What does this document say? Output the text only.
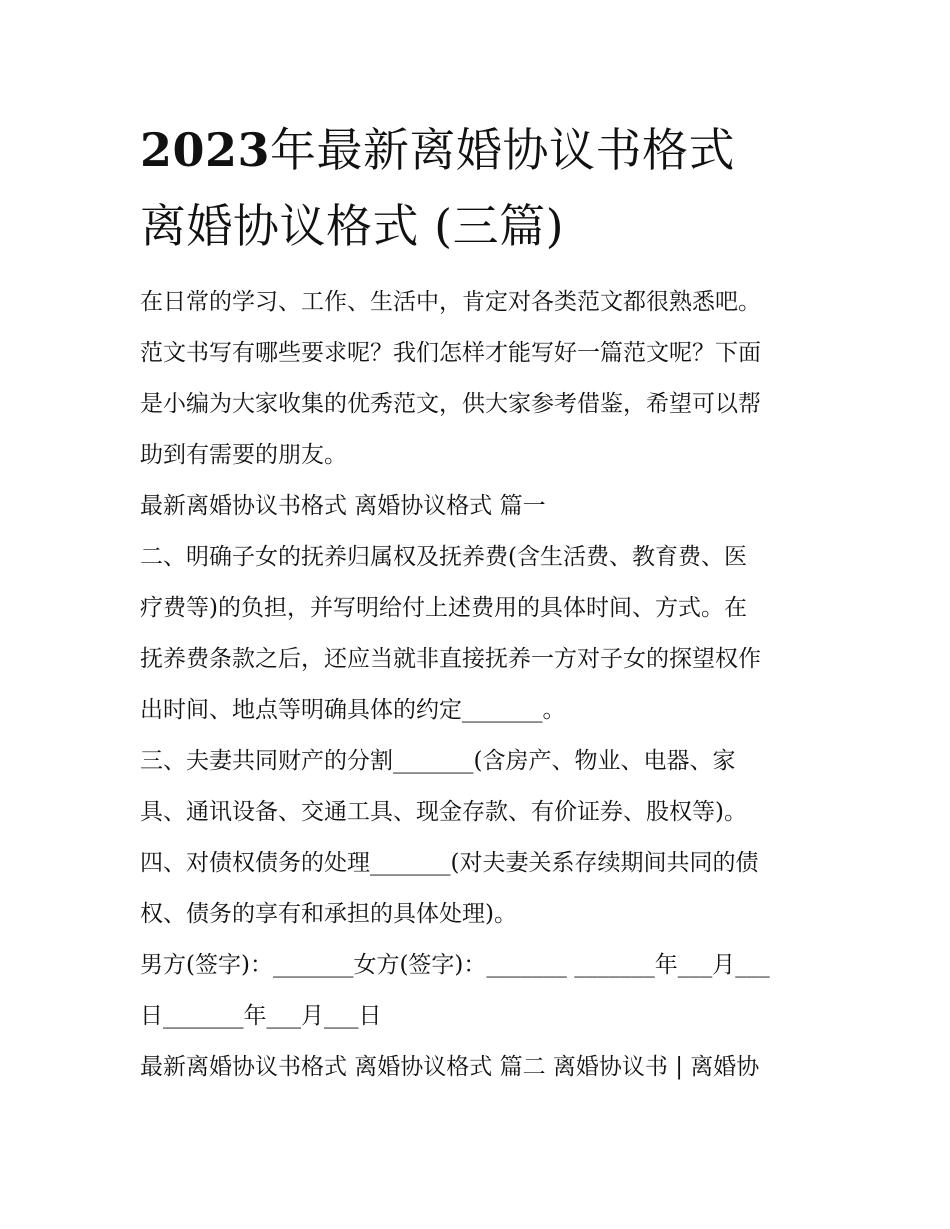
2023年最新离婚协议书格式
离婚协议格式 (三篇)

在日常的学习、工作、生活中，肯定对各类范文都很熟悉吧。

范文书写有哪些要求呢？我们怎样才能写好一篇范文呢？下面

是小编为大家收集的优秀范文，供大家参考借鉴，希望可以帮

助到有需要的朋友。

最新离婚协议书格式 离婚协议格式 篇一

二、明确子女的抚养归属权及抚养费(含生活费、教育费、医

疗费等)的负担，并写明给付上述费用的具体时间、方式。在

抚养费条款之后，还应当就非直接抚养一方对子女的探望权作

出时间、地点等明确具体的约定_______。

三、夫妻共同财产的分割_______(含房产、物业、电器、家

具、通讯设备、交通工具、现金存款、有价证券、股权等)。

四、对债权债务的处理_______(对夫妻关系存续期间共同的债

权、债务的享有和承担的具体处理)。

男方(签字)：_______女方(签字)：_______ _______年___月___

日_______年___月___日

最新离婚协议书格式 离婚协议格式 篇二 离婚协议书 | 离婚协
